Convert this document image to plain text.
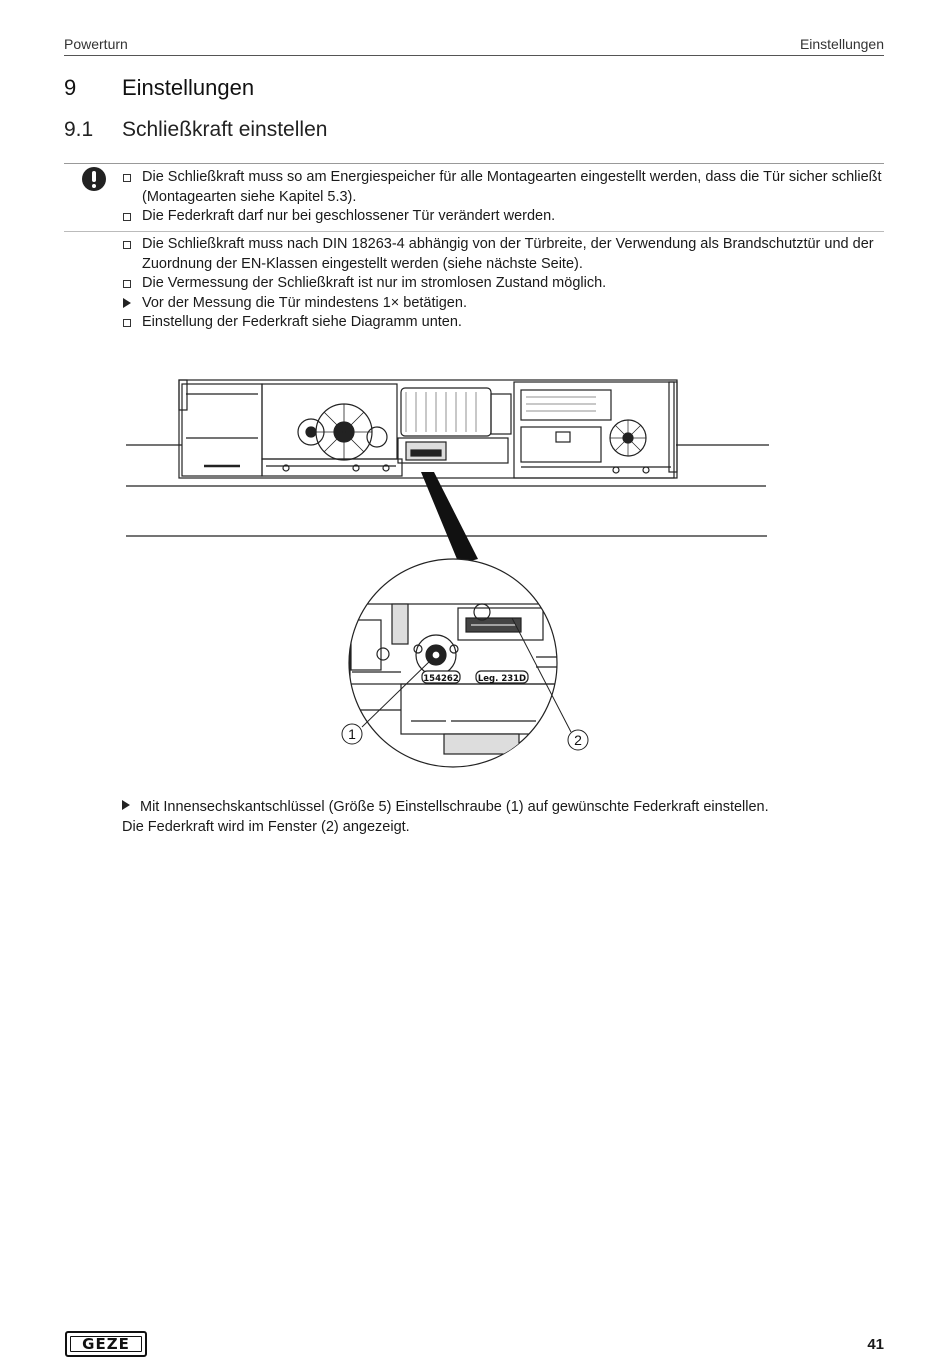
Powerturn	Einstellungen
9 Einstellungen
9.1 Schließkraft einstellen
Die Schließkraft muss so am Energiespeicher für alle Montagearten eingestellt werden, dass die Tür sicher schließt (Montagearten siehe Kapitel 5.3).
Die Federkraft darf nur bei geschlossener Tür verändert werden.
Die Schließkraft muss nach DIN 18263-4 abhängig von der Türbreite, der Verwendung als Brandschutztür und der Zuordnung der EN-Klassen eingestellt werden (siehe nächste Seite).
Die Vermessung der Schließkraft ist nur im stromlosen Zustand möglich.
Vor der Messung die Tür mindestens 1× betätigen.
Einstellung der Federkraft siehe Diagramm unten.
154262 Leg. 231D
1	2
Mit Innensechskantschlüssel (Größe 5) Einstellschraube (1) auf gewünschte Federkraft einstellen.
Die Federkraft wird im Fenster (2) angezeigt.
GEZE	41
